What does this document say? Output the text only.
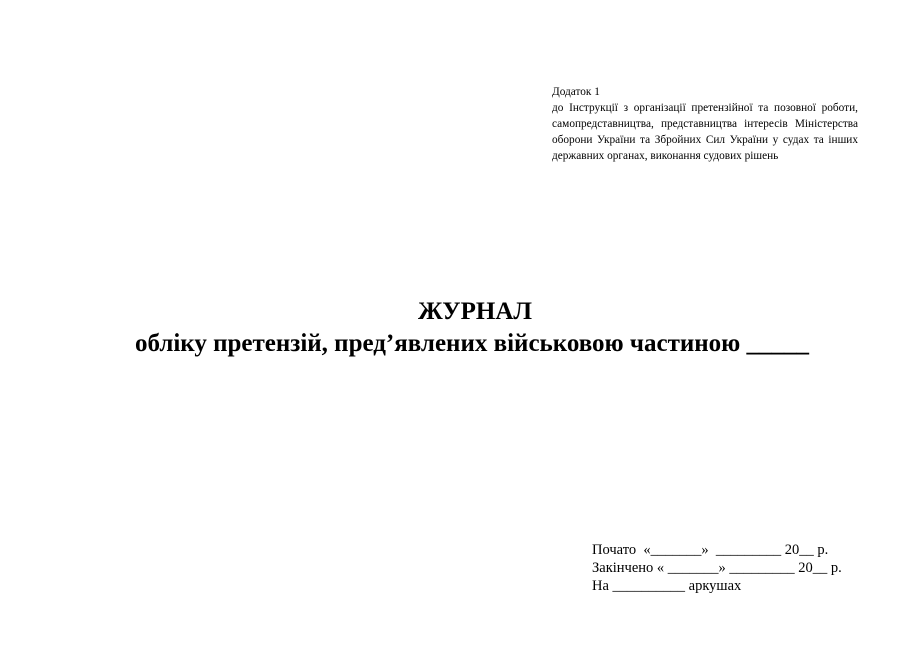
Додаток 1
до Інструкції з організації претензійної та позовної роботи, самопредставництва, представництва інтересів Міністерства оборони України та Збройних Сил України у судах та інших державних органах, виконання судових рішень
ЖУРНАЛ
обліку претензій, пред’явлених військовою частиною _____
Почато  «_______»  _________ 20__ р.
Закінчено « _______» _________ 20__ р.
На __________ аркушах
